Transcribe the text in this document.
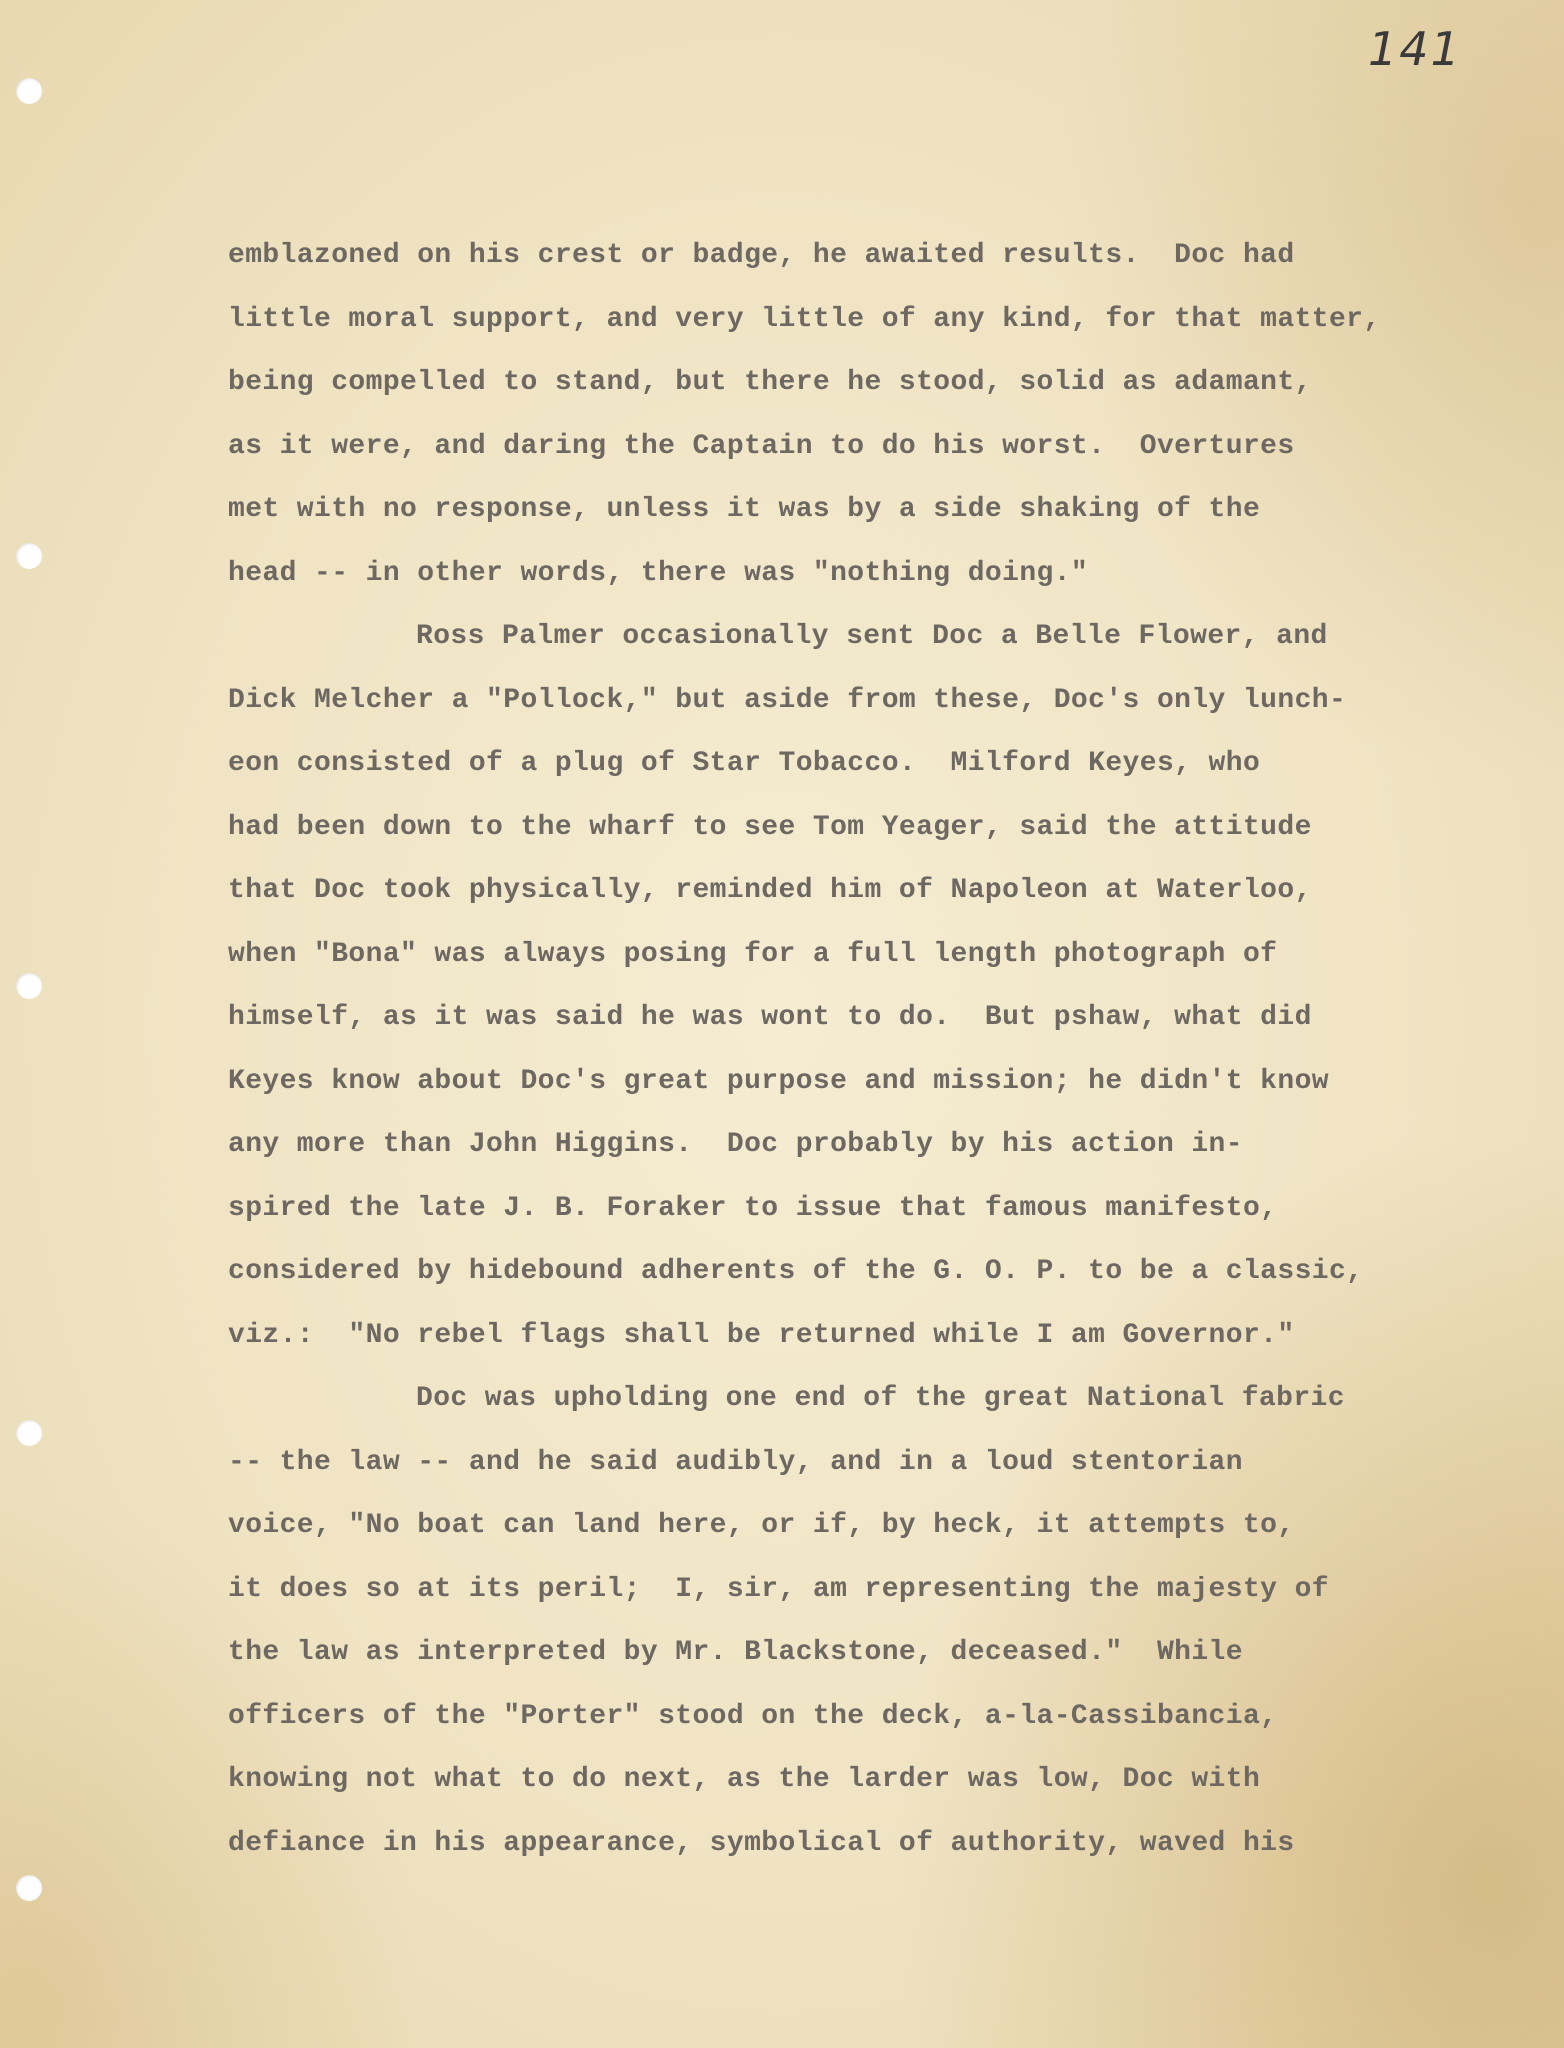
141
emblazoned on his crest or badge, he awaited results.  Doc had
little moral support, and very little of any kind, for that matter,
being compelled to stand, but there he stood, solid as adamant,
as it were, and daring the Captain to do his worst.  Overtures
met with no response, unless it was by a side shaking of the
head -- in other words, there was "nothing doing."
Ross Palmer occasionally sent Doc a Belle Flower, and
Dick Melcher a "Pollock," but aside from these, Doc's only lunch-
eon consisted of a plug of Star Tobacco.  Milford Keyes, who
had been down to the wharf to see Tom Yeager, said the attitude
that Doc took physically, reminded him of Napoleon at Waterloo,
when "Bona" was always posing for a full length photograph of
himself, as it was said he was wont to do.  But pshaw, what did
Keyes know about Doc's great purpose and mission; he didn't know
any more than John Higgins.  Doc probably by his action in-
spired the late J. B. Foraker to issue that famous manifesto,
considered by hidebound adherents of the G. O. P. to be a classic,
viz.:  "No rebel flags shall be returned while I am Governor."
Doc was upholding one end of the great National fabric
-- the law -- and he said audibly, and in a loud stentorian
voice, "No boat can land here, or if, by heck, it attempts to,
it does so at its peril;  I, sir, am representing the majesty of
the law as interpreted by Mr. Blackstone, deceased."  While
officers of the "Porter" stood on the deck, a-la-Cassibancia,
knowing not what to do next, as the larder was low, Doc with
defiance in his appearance, symbolical of authority, waved his
